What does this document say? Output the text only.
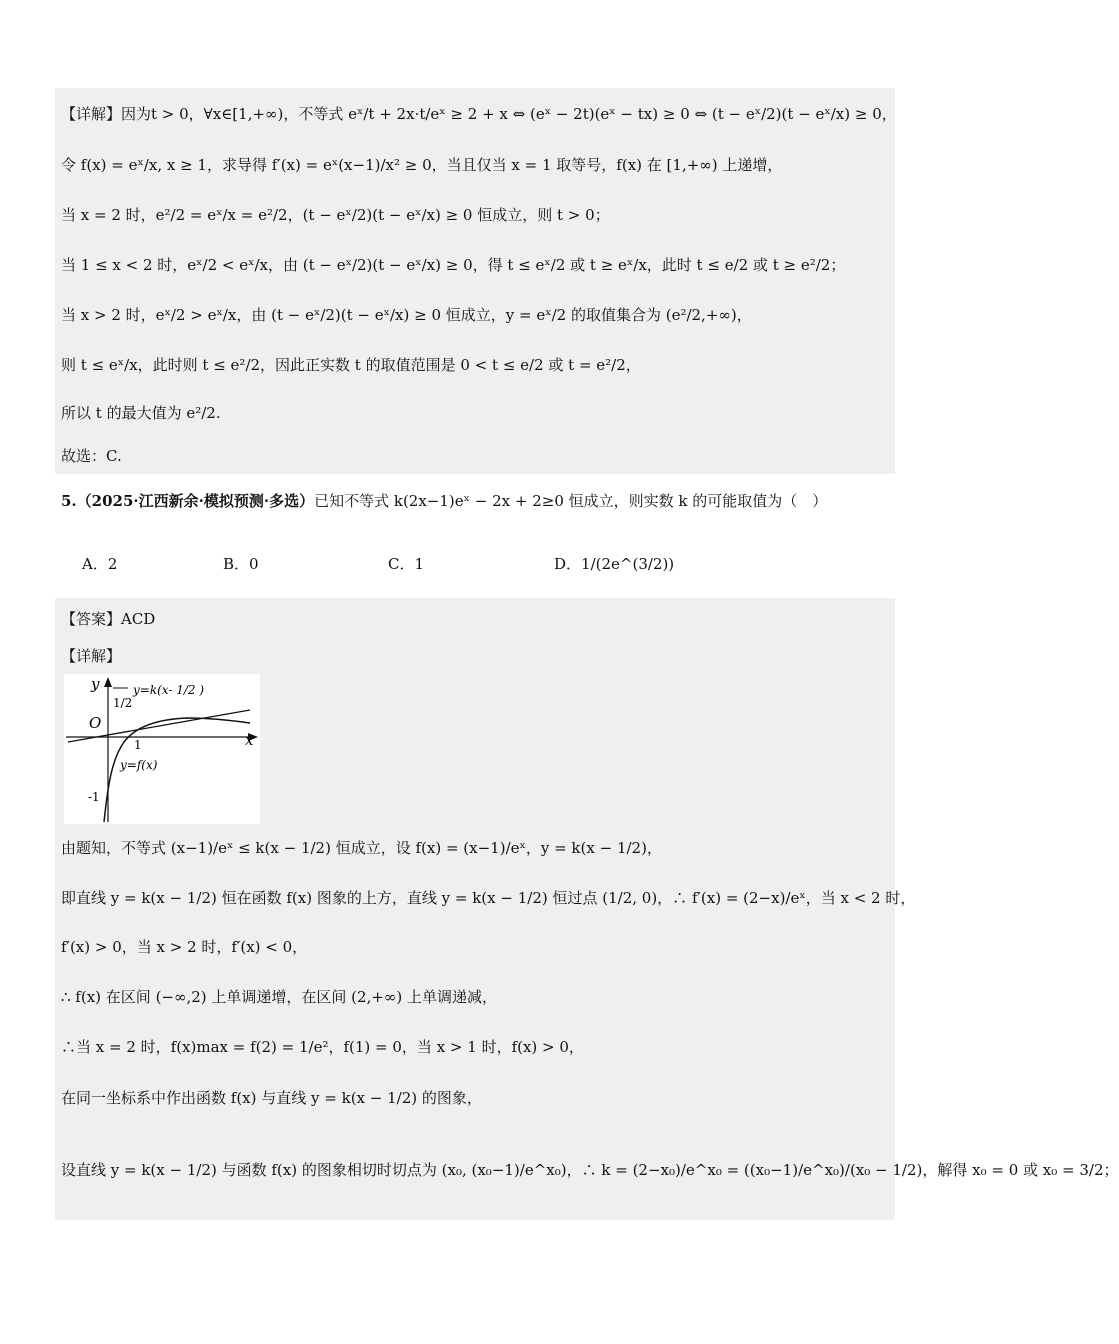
【详解】因为t > 0，∀x∈[1,+∞)，不等式 eˣ/t + 2x·t/eˣ ≥ 2 + x ⇔ (eˣ − 2t)(eˣ − tx) ≥ 0 ⇔ (t − eˣ/2)(t − eˣ/x) ≥ 0，
令 f(x) = eˣ/x, x ≥ 1，求导得 f′(x) = eˣ(x−1)/x² ≥ 0，当且仅当 x = 1 取等号，f(x) 在 [1,+∞) 上递增，
当 x = 2 时，e²/2 = eˣ/x = e²/2，(t − eˣ/2)(t − eˣ/x) ≥ 0 恒成立，则 t > 0；
当 1 ≤ x < 2 时，eˣ/2 < eˣ/x，由 (t − eˣ/2)(t − eˣ/x) ≥ 0，得 t ≤ eˣ/2 或 t ≥ eˣ/x，此时 t ≤ e/2 或 t ≥ e²/2；
当 x > 2 时，eˣ/2 > eˣ/x，由 (t − eˣ/2)(t − eˣ/x) ≥ 0 恒成立，y = eˣ/2 的取值集合为 (e²/2,+∞)，
则 t ≤ eˣ/x，此时则 t ≤ e²/2，因此正实数 t 的取值范围是 0 < t ≤ e/2 或 t = e²/2，
所以 t 的最大值为 e²/2.
故选：C.
5.（2025·江西新余·模拟预测·多选）已知不等式 k(2x−1)eˣ − 2x + 2≥0 恒成立，则实数 k 的可能取值为（　）
A．2	B．0	C．1	D．1/(2e^(3/2))
【答案】ACD
【详解】
O
y
x
1/2
y=k(x- 1/2 )
1
y=f(x)
-1
由题知，不等式 (x−1)/eˣ ≤ k(x − 1/2) 恒成立，设 f(x) = (x−1)/eˣ，y = k(x − 1/2)，
即直线 y = k(x − 1/2) 恒在函数 f(x) 图象的上方，直线 y = k(x − 1/2) 恒过点 (1/2, 0)，∴ f′(x) = (2−x)/eˣ，当 x < 2 时，
f′(x) > 0，当 x > 2 时，f′(x) < 0，
∴ f(x) 在区间 (−∞,2) 上单调递增，在区间 (2,+∞) 上单调递减，
∴当 x = 2 时，f(x)max = f(2) = 1/e²，f(1) = 0，当 x > 1 时，f(x) > 0，
在同一坐标系中作出函数 f(x) 与直线 y = k(x − 1/2) 的图象，
设直线 y = k(x − 1/2) 与函数 f(x) 的图象相切时切点为 (x₀, (x₀−1)/e^x₀)，∴ k = (2−x₀)/e^x₀ = ((x₀−1)/e^x₀)/(x₀ − 1/2)，解得 x₀ = 0 或 x₀ = 3/2；
